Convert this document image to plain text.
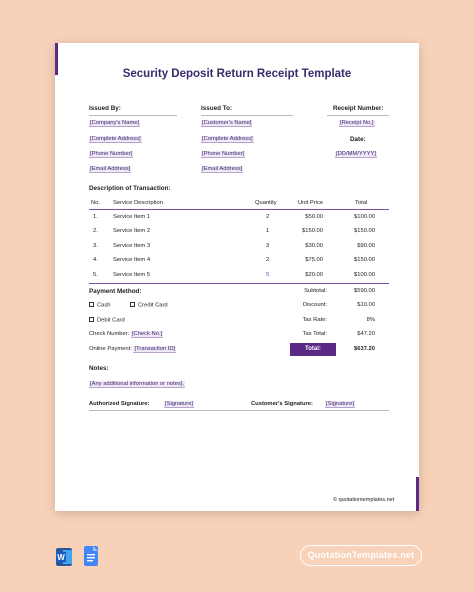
Security Deposit Return Receipt Template
Issued By:
[Company's Name]
[Complete Address]
[Phone Number]
[Email Address]
Issued To:
[Customer's Name]
[Complete Address]
[Phone Number]
[Email Address]
Receipt Number:
[Receipt No.]
Date:
[DD/MM/YYYY]
Description of Transaction:
No. Service Description	Quantity	Unit Price	Total
1.	Service Item 1	2	$50.00	$100.00
2.	Service Item 2	1	$150.00	$150.00
3.	Service Item 3	3	$30.00	$90.00
4.	Service Item 4	2	$75.00	$150.00
5.	Service Item 5	5	$20.00	$100.00
Payment Method:
Cash	Credit Card
Debit Card
Check Number: [Check No.]
Online Payment: [Transaction ID]
Subtotal:	$590.00
Discount:	$10.00
Tax Rate:	8%
Tax Total:	$47.20
Total:	$637.20
Notes:
[Any additional information or notes].
Authorized Signature:	[Signature]	Customer's Signature: [Signature]
© quotationtemplates.net
W	QuotationTemplates.net
